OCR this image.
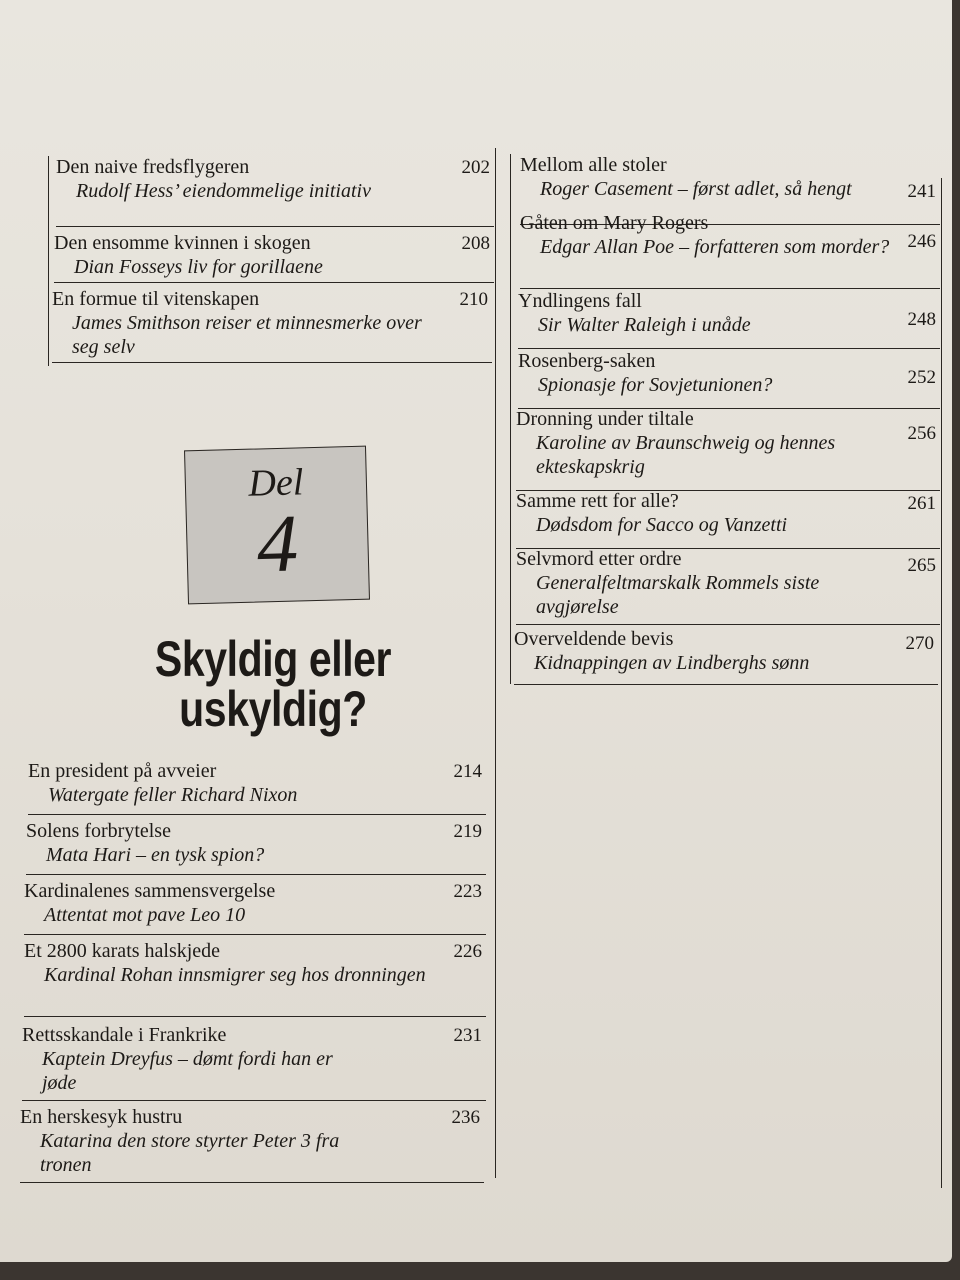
Den naive fredsflygeren
Rudolf Hess’ eiendommelige initiativ
202
Den ensomme kvinnen i skogen
Dian Fosseys liv for gorillaene
208
En formue til vitenskapen
James Smithson reiser et minnesmerke over seg selv
210
Del
4
Skyldig eller
uskyldig?
En president på avveier
Watergate feller Richard Nixon
214
Solens forbrytelse
Mata Hari – en tysk spion?
219
Kardinalenes sammensvergelse
Attentat mot pave Leo 10
223
Et 2800 karats halskjede
Kardinal Rohan innsmigrer seg hos dronningen
226
Rettsskandale i Frankrike
Kaptein Dreyfus – dømt fordi han er jøde
231
En herskesyk hustru
Katarina den store styrter Peter 3 fra tronen
236
Mellom alle stoler
Roger Casement – først adlet, så hengt	241
Gåten om Mary Rogers
Edgar Allan Poe – forfatteren som morder? 246
Yndlingens fall
Sir Walter Raleigh i unåde	248
Rosenberg-saken
Spionasje for Sovjetunionen?	252
Dronning under tiltale
Karoline av Braunschweig og hennes ekteskapskrig
256
Samme rett for alle?
Dødsdom for Sacco og Vanzetti
261
Selvmord etter ordre
Generalfeltmarskalk Rommels siste avgjørelse
265
Overveldende bevis
Kidnappingen av Lindberghs sønn
270
